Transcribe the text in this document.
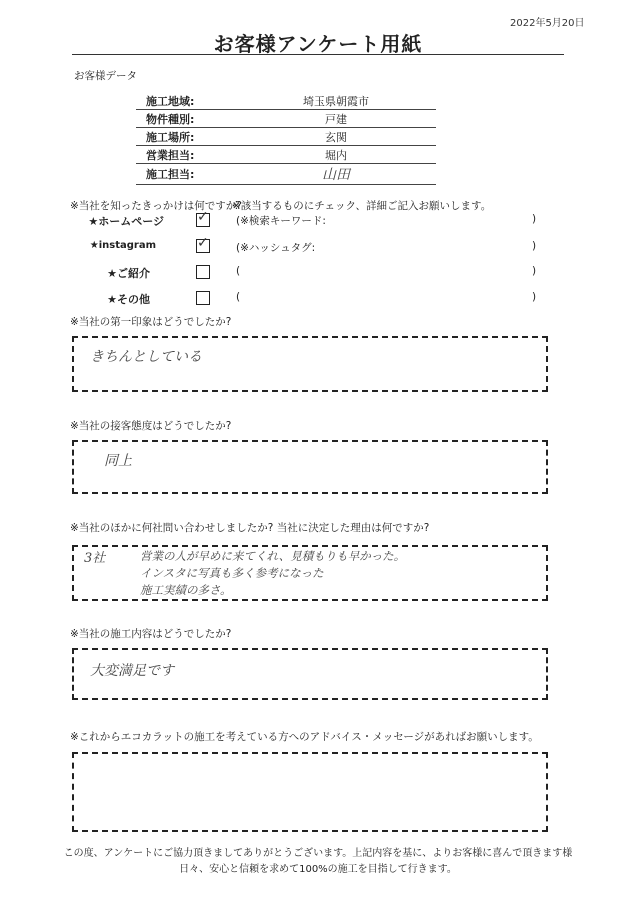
2022年5月20日
お客様アンケート用紙
お客様データ
施工地域:	埼玉県朝霞市
物件種別:	戸建
施工場所:	玄関
営業担当:	堀内
施工担当:	山田
※当社を知ったきっかけは何ですか?
※該当するものにチェック、詳細ご記入お願いします。
★ホームページ ✓	(※検索キーワード:	)
★instagram	✓	(※ハッシュタグ:	)
★ご紹介	(	)
★その他	(	)
※当社の第一印象はどうでしたか?
きちんとしている
※当社の接客態度はどうでしたか?
同上
※当社のほかに何社問い合わせしましたか? 当社に決定した理由は何ですか?
3社	営業の人が早めに来てくれ、見積もりも早かった。
インスタに写真も多く参考になった
施工実績の多さ。
※当社の施工内容はどうでしたか?
大変満足です
※これからエコカラットの施工を考えている方へのアドバイス・メッセージがあればお願いします。
この度、アンケートにご協力頂きましてありがとうございます。上記内容を基に、よりお客様に喜んで頂きます様
日々、安心と信頼を求めて100%の施工を目指して行きます。
